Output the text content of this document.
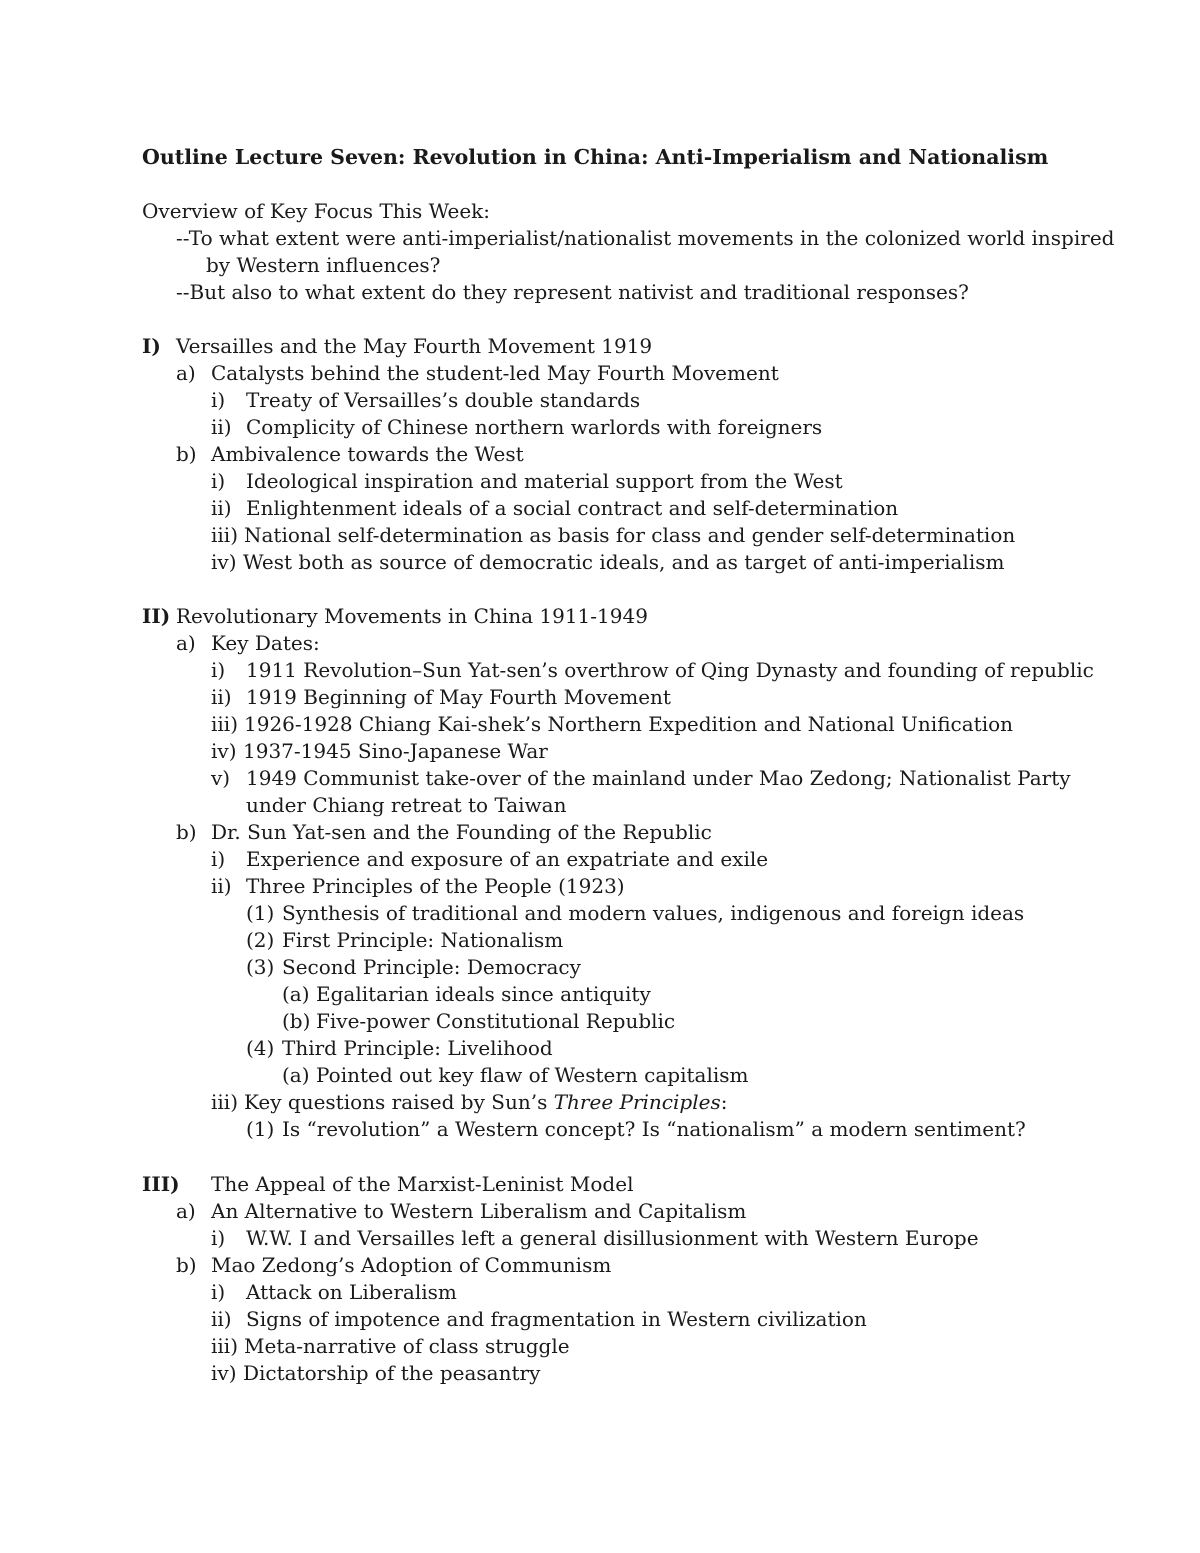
Outline Lecture Seven: Revolution in China: Anti-Imperialism and Nationalism
Overview of Key Focus This Week:
--To what extent were anti-imperialist/nationalist movements in the colonized world inspired
by Western influences?
--But also to what extent do they represent nativist and traditional responses?
I) Versailles and the May Fourth Movement 1919
a) Catalysts behind the student-led May Fourth Movement
i) Treaty of Versailles’s double standards
ii) Complicity of Chinese northern warlords with foreigners
b) Ambivalence towards the West
i) Ideological inspiration and material support from the West
ii) Enlightenment ideals of a social contract and self-determination
iii) National self-determination as basis for class and gender self-determination
iv) West both as source of democratic ideals, and as target of anti-imperialism
II) Revolutionary Movements in China 1911-1949
a) Key Dates:
i) 1911 Revolution–Sun Yat-sen’s overthrow of Qing Dynasty and founding of republic
ii) 1919 Beginning of May Fourth Movement
iii) 1926-1928 Chiang Kai-shek’s Northern Expedition and National Unification
iv) 1937-1945 Sino-Japanese War
v) 1949 Communist take-over of the mainland under Mao Zedong; Nationalist Party
under Chiang retreat to Taiwan
b) Dr. Sun Yat-sen and the Founding of the Republic
i) Experience and exposure of an expatriate and exile
ii) Three Principles of the People (1923)
(1) Synthesis of traditional and modern values, indigenous and foreign ideas
(2) First Principle: Nationalism
(3) Second Principle: Democracy
(a) Egalitarian ideals since antiquity
(b) Five-power Constitutional Republic
(4) Third Principle: Livelihood
(a) Pointed out key flaw of Western capitalism
iii) Key questions raised by Sun’s Three Principles:
(1) Is “revolution” a Western concept? Is “nationalism” a modern sentiment?
III) The Appeal of the Marxist-Leninist Model
a) An Alternative to Western Liberalism and Capitalism
i) W.W. I and Versailles left a general disillusionment with Western Europe
b) Mao Zedong’s Adoption of Communism
i) Attack on Liberalism
ii) Signs of impotence and fragmentation in Western civilization
iii) Meta-narrative of class struggle
iv) Dictatorship of the peasantry
